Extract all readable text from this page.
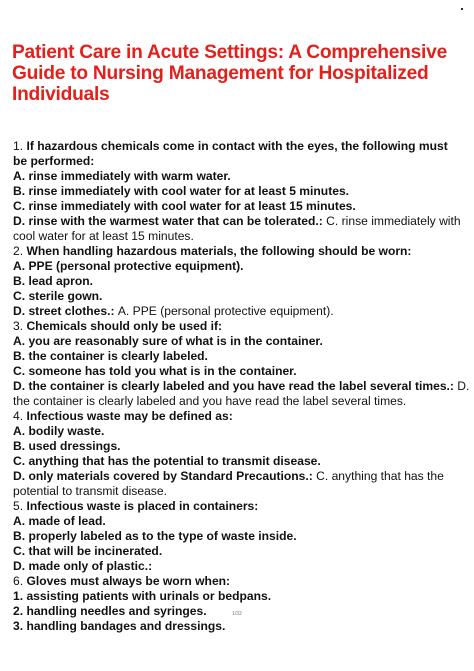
Patient Care in Acute Settings: A Comprehensive
Guide to Nursing Management for Hospitalized
Individuals
1. If hazardous chemicals come in contact with the eyes, the following must
be performed:
A. rinse immediately with warm water.
B. rinse immediately with cool water for at least 5 minutes.
C. rinse immediately with cool water for at least 15 minutes.
D. rinse with the warmest water that can be tolerated.: C. rinse immediately with
cool water for at least 15 minutes.
2. When handling hazardous materials, the following should be worn:
A. PPE (personal protective equipment).
B. lead apron.
C. sterile gown.
D. street clothes.: A. PPE (personal protective equipment).
3. Chemicals should only be used if:
A. you are reasonably sure of what is in the container.
B. the container is clearly labeled.
C. someone has told you what is in the container.
D. the container is clearly labeled and you have read the label several times.: D.
the container is clearly labeled and you have read the label several times.
4. Infectious waste may be defined as:
A. bodily waste.
B. used dressings.
C. anything that has the potential to transmit disease.
D. only materials covered by Standard Precautions.: C. anything that has the
potential to transmit disease.
5. Infectious waste is placed in containers:
A. made of lead.
B. properly labeled as to the type of waste inside.
C. that will be incinerated.
D. made only of plastic.:
6. Gloves must always be worn when:
1. assisting patients with urinals or bedpans.
2. handling needles and syringes.
3. handling bandages and dressings.
1/32
